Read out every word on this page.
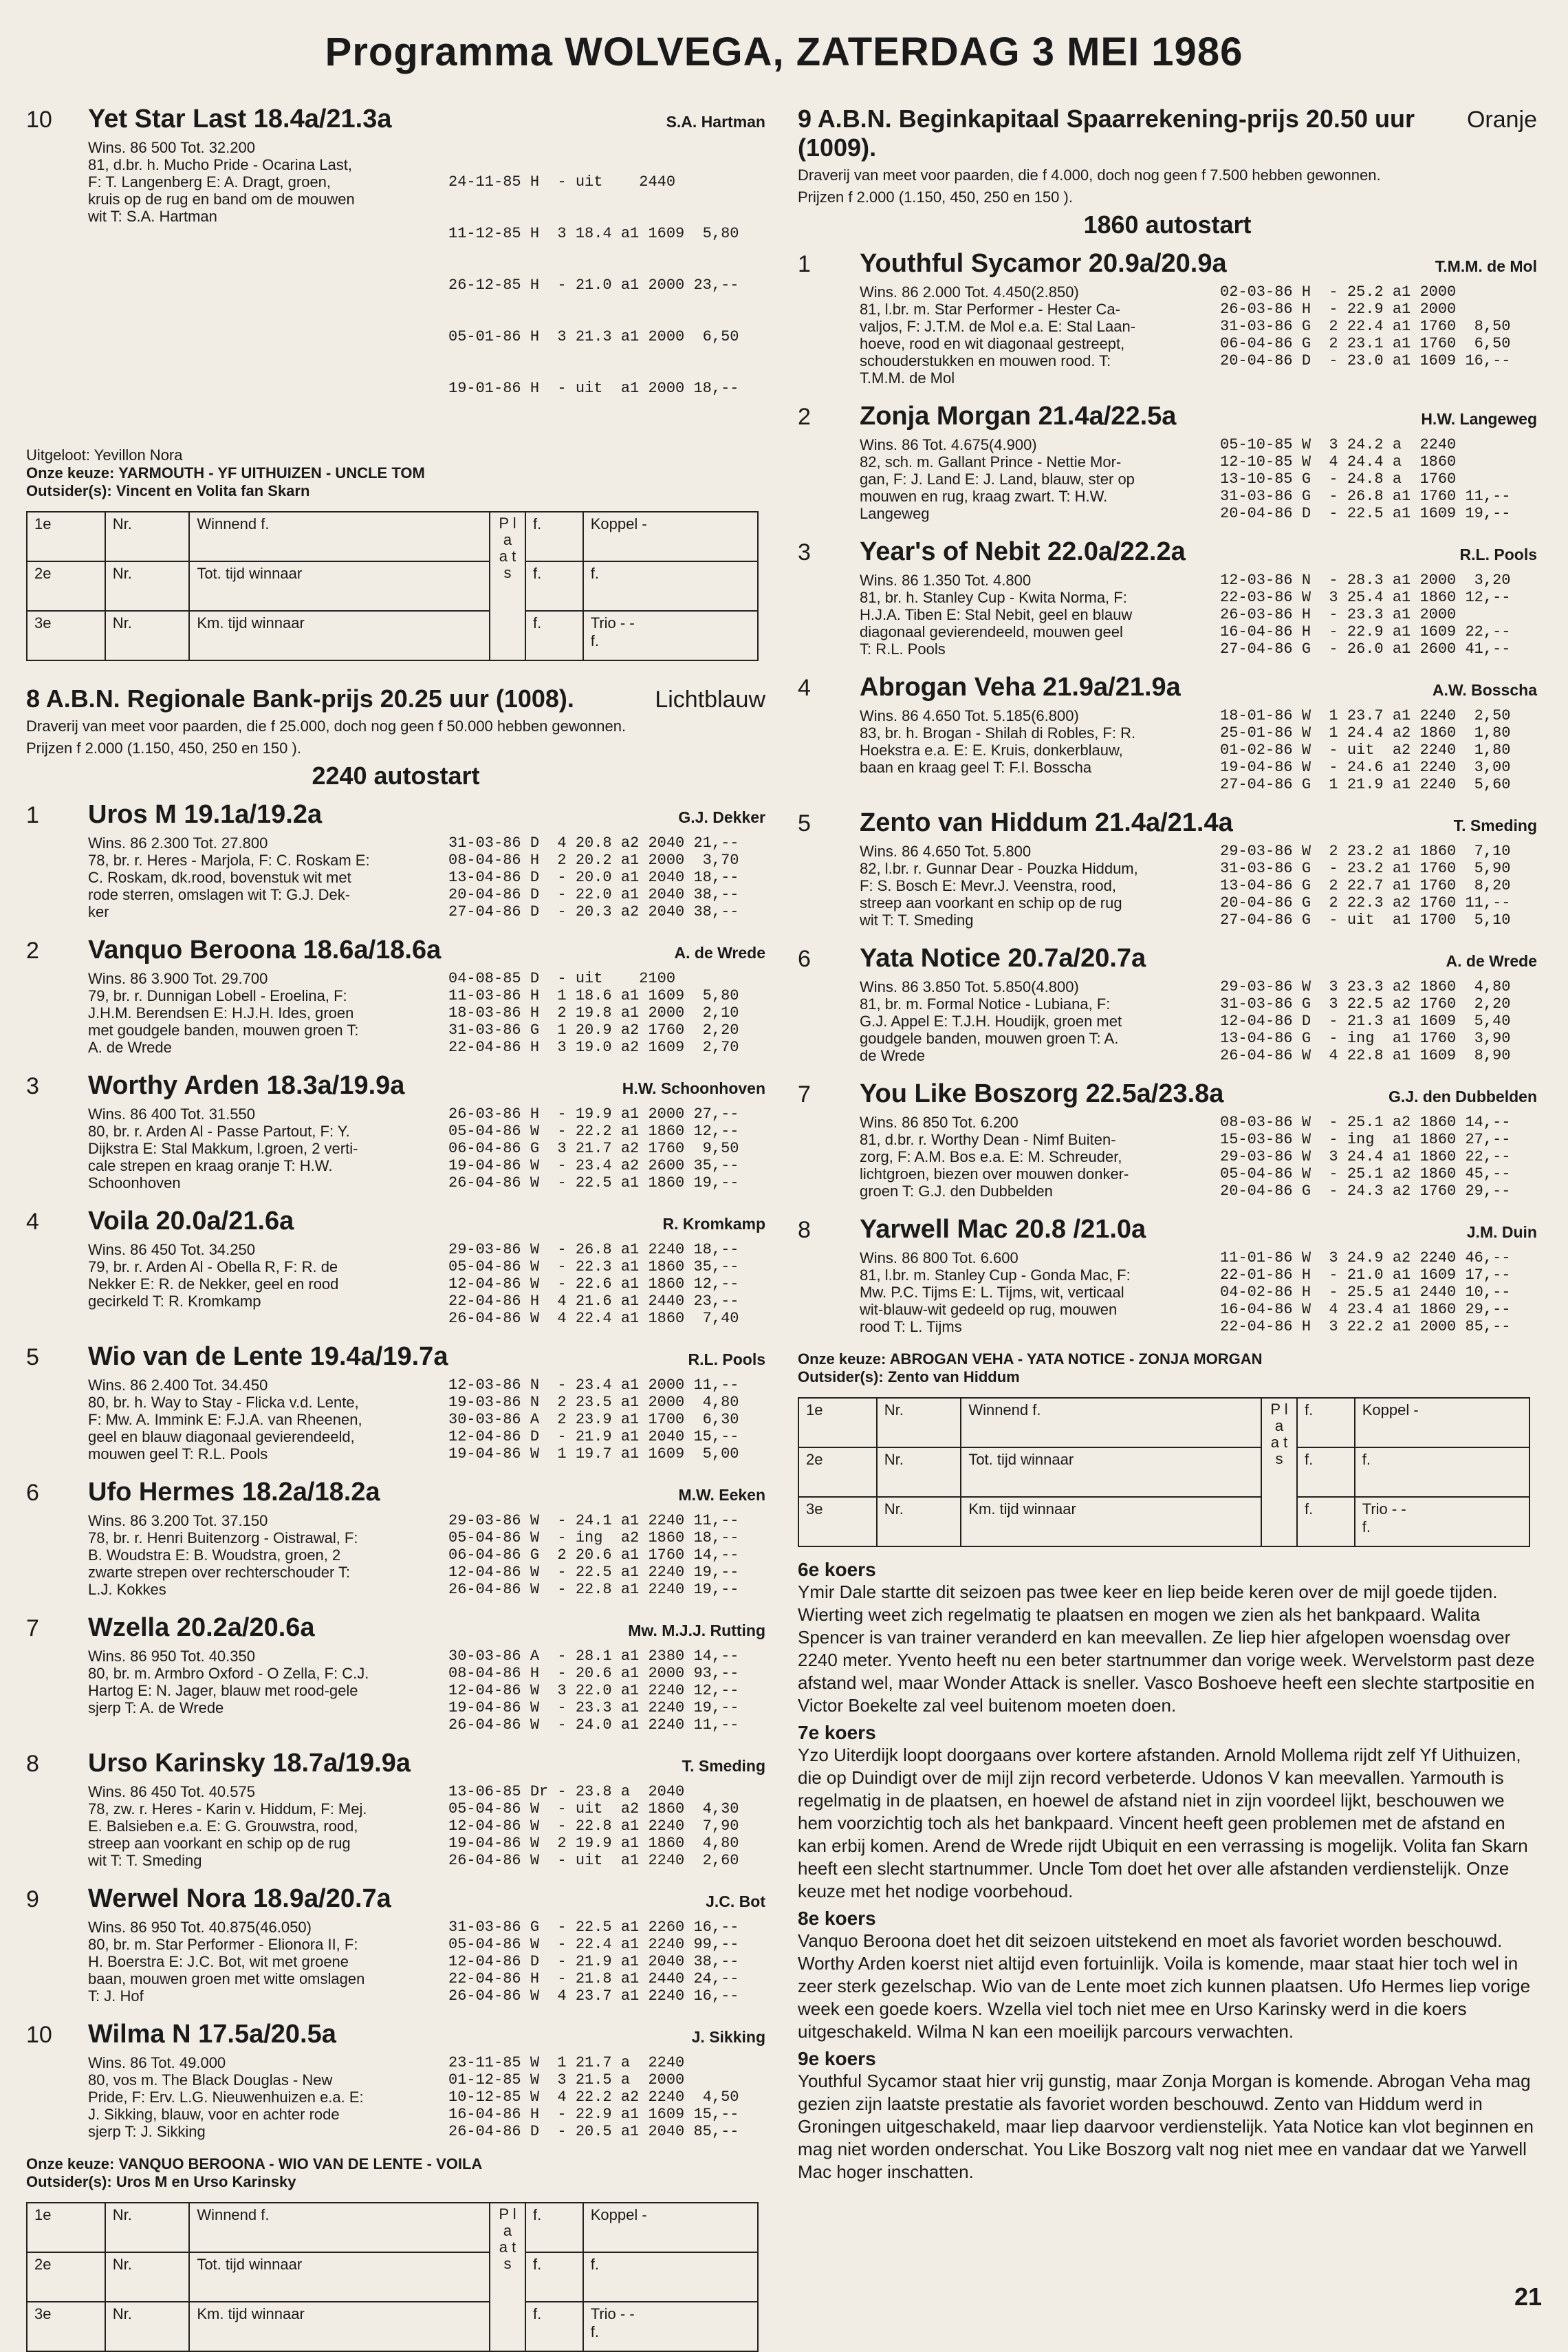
Programma WOLVEGA, ZATERDAG 3 MEI 1986
10	Yet Star Last 18.4a/21.3a	S.A. Hartman
Wins. 86 500 Tot. 32.200
81, d.br. h. Mucho Pride - Ocarina Last,
F: T. Langenberg E: A. Dragt, groen,
kruis op de rug en band om de mouwen
wit T: S.A. Hartman

24-11-85 H  - uit    2440

11-12-85 H  3 18.4 a1 1609  5,80

26-12-85 H  - 21.0 a1 2000 23,--

05-01-86 H  3 21.3 a1 2000  6,50

19-01-86 H  - uit  a1 2000 18,--

Uitgeloot: Yevillon Nora
Onze keuze: YARMOUTH - YF UITHUIZEN - UNCLE TOM
Outsider(s): Vincent en Volita fan Skarn
1e	Nr.	Winnend f.	P l a a t s	f.	Koppel -
2e	Nr.	Tot. tijd winnaar		f.	f.
3e	Nr.	Km. tijd winnaar		f.	Trio - -
f.
8 A.B.N. Regionale Bank-prijs 20.25 uur (1008).	Lichtblauw
Draverij van meet voor paarden, die f 25.000, doch nog geen f 50.000 hebben gewonnen.
Prijzen f 2.000 (1.150, 450, 250 en 150 ).
2240 autostart
1	Uros M 19.1a/19.2a	G.J. Dekker
Wins. 86 2.300 Tot. 27.800
78, br. r. Heres - Marjola, F: C. Roskam E:
C. Roskam, dk.rood, bovenstuk wit met
rode sterren, omslagen wit T: G.J. Dek-
ker
31-03-86 D  4 20.8 a2 2040 21,--
08-04-86 H  2 20.2 a1 2000  3,70
13-04-86 D  - 20.0 a1 2040 18,--
20-04-86 D  - 22.0 a1 2040 38,--
27-04-86 D  - 20.3 a2 2040 38,--
2	Vanquo Beroona 18.6a/18.6a	A. de Wrede
Wins. 86 3.900 Tot. 29.700
79, br. r. Dunnigan Lobell - Eroelina, F:
J.H.M. Berendsen E: H.J.H. Ides, groen
met goudgele banden, mouwen groen T:
A. de Wrede
04-08-85 D  - uit    2100
11-03-86 H  1 18.6 a1 1609  5,80
18-03-86 H  2 19.8 a1 2000  2,10
31-03-86 G  1 20.9 a2 1760  2,20
22-04-86 H  3 19.0 a2 1609  2,70
3	Worthy Arden 18.3a/19.9a	H.W. Schoonhoven
Wins. 86 400 Tot. 31.550
80, br. r. Arden Al - Passe Partout, F: Y.
Dijkstra E: Stal Makkum, l.groen, 2 verti-
cale strepen en kraag oranje T: H.W.
Schoonhoven
26-03-86 H  - 19.9 a1 2000 27,--
05-04-86 W  - 22.2 a1 1860 12,--
06-04-86 G  3 21.7 a2 1760  9,50
19-04-86 W  - 23.4 a2 2600 35,--
26-04-86 W  - 22.5 a1 1860 19,--
4	Voila 20.0a/21.6a	R. Kromkamp
Wins. 86 450 Tot. 34.250
79, br. r. Arden Al - Obella R, F: R. de
Nekker E: R. de Nekker, geel en rood
gecirkeld T: R. Kromkamp
29-03-86 W  - 26.8 a1 2240 18,--
05-04-86 W  - 22.3 a1 1860 35,--
12-04-86 W  - 22.6 a1 1860 12,--
22-04-86 H  4 21.6 a1 2440 23,--
26-04-86 W  4 22.4 a1 1860  7,40
5	Wio van de Lente 19.4a/19.7a	R.L. Pools
Wins. 86 2.400 Tot. 34.450
80, br. h. Way to Stay - Flicka v.d. Lente,
F: Mw. A. Immink E: F.J.A. van Rheenen,
geel en blauw diagonaal gevierendeeld,
mouwen geel T: R.L. Pools
12-03-86 N  - 23.4 a1 2000 11,--
19-03-86 N  2 23.5 a1 2000  4,80
30-03-86 A  2 23.9 a1 1700  6,30
12-04-86 D  - 21.9 a1 2040 15,--
19-04-86 W  1 19.7 a1 1609  5,00
6	Ufo Hermes 18.2a/18.2a	M.W. Eeken
Wins. 86 3.200 Tot. 37.150
78, br. r. Henri Buitenzorg - Oistrawal, F:
B. Woudstra E: B. Woudstra, groen, 2
zwarte strepen over rechterschouder T:
L.J. Kokkes
29-03-86 W  - 24.1 a1 2240 11,--
05-04-86 W  - ing  a2 1860 18,--
06-04-86 G  2 20.6 a1 1760 14,--
12-04-86 W  - 22.5 a1 2240 19,--
26-04-86 W  - 22.8 a1 2240 19,--
7	Wzella 20.2a/20.6a	Mw. M.J.J. Rutting
Wins. 86 950 Tot. 40.350
80, br. m. Armbro Oxford - O Zella, F: C.J.
Hartog E: N. Jager, blauw met rood-gele
sjerp T: A. de Wrede
30-03-86 A  - 28.1 a1 2380 14,--
08-04-86 H  - 20.6 a1 2000 93,--
12-04-86 W  3 22.0 a1 2240 12,--
19-04-86 W  - 23.3 a1 2240 19,--
26-04-86 W  - 24.0 a1 2240 11,--
8	Urso Karinsky 18.7a/19.9a	T. Smeding
Wins. 86 450 Tot. 40.575
78, zw. r. Heres - Karin v. Hiddum, F: Mej.
E. Balsieben e.a. E: G. Grouwstra, rood,
streep aan voorkant en schip op de rug
wit T: T. Smeding
13-06-85 Dr - 23.8 a  2040
05-04-86 W  - uit  a2 1860  4,30
12-04-86 W  - 22.8 a1 2240  7,90
19-04-86 W  2 19.9 a1 1860  4,80
26-04-86 W  - uit  a1 2240  2,60
9	Werwel Nora 18.9a/20.7a	J.C. Bot
Wins. 86 950 Tot. 40.875(46.050)
80, br. m. Star Performer - Elionora II, F:
H. Boerstra E: J.C. Bot, wit met groene
baan, mouwen groen met witte omslagen
T: J. Hof
31-03-86 G  - 22.5 a1 2260 16,--
05-04-86 W  - 22.4 a1 2240 99,--
12-04-86 D  - 21.9 a1 2040 38,--
22-04-86 H  - 21.8 a1 2440 24,--
26-04-86 W  4 23.7 a1 2240 16,--
10	Wilma N 17.5a/20.5a	J. Sikking
Wins. 86 Tot. 49.000
80, vos m. The Black Douglas - New
Pride, F: Erv. L.G. Nieuwenhuizen e.a. E:
J. Sikking, blauw, voor en achter rode
sjerp T: J. Sikking
23-11-85 W  1 21.7 a  2240
01-12-85 W  3 21.5 a  2000
10-12-85 W  4 22.2 a2 2240  4,50
16-04-86 H  - 22.9 a1 1609 15,--
26-04-86 D  - 20.5 a1 2040 85,--
Onze keuze: VANQUO BEROONA - WIO VAN DE LENTE - VOILA
Outsider(s): Uros M en Urso Karinsky
1e	Nr.	Winnend f.	P l a a t s	f.	Koppel -
2e	Nr.	Tot. tijd winnaar		f.	f.
3e	Nr.	Km. tijd winnaar		f.	Trio - -
f.
9 A.B.N. Beginkapitaal Spaarrekening-prijs 20.50 uur (1009).
Oranje
Draverij van meet voor paarden, die f 4.000, doch nog geen f 7.500 hebben gewonnen.
Prijzen f 2.000 (1.150, 450, 250 en 150 ).
1860 autostart
1	Youthful Sycamor 20.9a/20.9a	T.M.M. de Mol
Wins. 86 2.000 Tot. 4.450(2.850)
81, l.br. m. Star Performer - Hester Ca-
valjos, F: J.T.M. de Mol e.a. E: Stal Laan-
hoeve, rood en wit diagonaal gestreept,
schouderstukken en mouwen rood. T:
T.M.M. de Mol
02-03-86 H  - 25.2 a1 2000
26-03-86 H  - 22.9 a1 2000
31-03-86 G  2 22.4 a1 1760  8,50
06-04-86 G  2 23.1 a1 1760  6,50
20-04-86 D  - 23.0 a1 1609 16,--
2	Zonja Morgan 21.4a/22.5a	H.W. Langeweg
Wins. 86 Tot. 4.675(4.900)
82, sch. m. Gallant Prince - Nettie Mor-
gan, F: J. Land E: J. Land, blauw, ster op
mouwen en rug, kraag zwart. T: H.W.
Langeweg
05-10-85 W  3 24.2 a  2240
12-10-85 W  4 24.4 a  1860
13-10-85 G  - 24.8 a  1760
31-03-86 G  - 26.8 a1 1760 11,--
20-04-86 D  - 22.5 a1 1609 19,--
3	Year's of Nebit 22.0a/22.2a	R.L. Pools
Wins. 86 1.350 Tot. 4.800
81, br. h. Stanley Cup - Kwita Norma, F:
H.J.A. Tiben E: Stal Nebit, geel en blauw
diagonaal gevierendeeld, mouwen geel
T: R.L. Pools
12-03-86 N  - 28.3 a1 2000  3,20
22-03-86 W  3 25.4 a1 1860 12,--
26-03-86 H  - 23.3 a1 2000
16-04-86 H  - 22.9 a1 1609 22,--
27-04-86 G  - 26.0 a1 2600 41,--
4	Abrogan Veha 21.9a/21.9a	A.W. Bosscha
Wins. 86 4.650 Tot. 5.185(6.800)
83, br. h. Brogan - Shilah di Robles, F: R.
Hoekstra e.a. E: E. Kruis, donkerblauw,
baan en kraag geel T: F.I. Bosscha
18-01-86 W  1 23.7 a1 2240  2,50
25-01-86 W  1 24.4 a2 1860  1,80
01-02-86 W  - uit  a2 2240  1,80
19-04-86 W  - 24.6 a1 2240  3,00
27-04-86 G  1 21.9 a1 2240  5,60
5	Zento van Hiddum 21.4a/21.4a	T. Smeding
Wins. 86 4.650 Tot. 5.800
82, l.br. r. Gunnar Dear - Pouzka Hiddum,
F: S. Bosch E: Mevr.J. Veenstra, rood,
streep aan voorkant en schip op de rug
wit T: T. Smeding
29-03-86 W  2 23.2 a1 1860  7,10
31-03-86 G  - 23.2 a1 1760  5,90
13-04-86 G  2 22.7 a1 1760  8,20
20-04-86 G  2 22.3 a2 1760 11,--
27-04-86 G  - uit  a1 1700  5,10
6	Yata Notice 20.7a/20.7a	A. de Wrede
Wins. 86 3.850 Tot. 5.850(4.800)
81, br. m. Formal Notice - Lubiana, F:
G.J. Appel E: T.J.H. Houdijk, groen met
goudgele banden, mouwen groen T: A.
de Wrede
29-03-86 W  3 23.3 a2 1860  4,80
31-03-86 G  3 22.5 a2 1760  2,20
12-04-86 D  - 21.3 a1 1609  5,40
13-04-86 G  - ing  a1 1760  3,90
26-04-86 W  4 22.8 a1 1609  8,90
7	You Like Boszorg 22.5a/23.8a	G.J. den Dubbelden
Wins. 86 850 Tot. 6.200
81, d.br. r. Worthy Dean - Nimf Buiten-
zorg, F: A.M. Bos e.a. E: M. Schreuder,
lichtgroen, biezen over mouwen donker-
groen T: G.J. den Dubbelden
08-03-86 W  - 25.1 a2 1860 14,--
15-03-86 W  - ing  a1 1860 27,--
29-03-86 W  3 24.4 a1 1860 22,--
05-04-86 W  - 25.1 a2 1860 45,--
20-04-86 G  - 24.3 a2 1760 29,--
8	Yarwell Mac 20.8 /21.0a	J.M. Duin
Wins. 86 800 Tot. 6.600
81, l.br. m. Stanley Cup - Gonda Mac, F:
Mw. P.C. Tijms E: L. Tijms, wit, verticaal
wit-blauw-wit gedeeld op rug, mouwen
rood T: L. Tijms
11-01-86 W  3 24.9 a2 2240 46,--
22-01-86 H  - 21.0 a1 1609 17,--
04-02-86 H  - 25.5 a1 2440 10,--
16-04-86 W  4 23.4 a1 1860 29,--
22-04-86 H  3 22.2 a1 2000 85,--
Onze keuze: ABROGAN VEHA - YATA NOTICE - ZONJA MORGAN
Outsider(s): Zento van Hiddum
1e	Nr.	Winnend f.	P l a a t s	f.	Koppel -
2e	Nr.	Tot. tijd winnaar		f.	f.
3e	Nr.	Km. tijd winnaar		f.	Trio - -
f.
6e koers
Ymir Dale startte dit seizoen pas twee keer en liep beide keren over de mijl goede tijden. Wierting weet zich regelmatig te plaatsen en mogen we zien als het bankpaard. Walita Spencer is van trainer veranderd en kan meevallen. Ze liep hier afgelopen woensdag over 2240 meter. Yvento heeft nu een beter startnummer dan vorige week. Wervelstorm past deze afstand wel, maar Wonder Attack is sneller. Vasco Boshoeve heeft een slechte startpositie en Victor Boekelte zal veel buitenom moeten doen.
7e koers
Yzo Uiterdijk loopt doorgaans over kortere afstanden. Arnold Mollema rijdt zelf Yf Uithuizen, die op Duindigt over de mijl zijn record verbeterde. Udonos V kan meevallen. Yarmouth is regelmatig in de plaatsen, en hoewel de afstand niet in zijn voordeel lijkt, beschouwen we hem voorzichtig toch als het bankpaard. Vincent heeft geen problemen met de afstand en kan erbij komen. Arend de Wrede rijdt Ubiquit en een verrassing is mogelijk. Volita fan Skarn heeft een slecht startnummer. Uncle Tom doet het over alle afstanden verdienstelijk. Onze keuze met het nodige voorbehoud.
8e koers
Vanquo Beroona doet het dit seizoen uitstekend en moet als favoriet worden beschouwd. Worthy Arden koerst niet altijd even fortuinlijk. Voila is komende, maar staat hier toch wel in zeer sterk gezelschap. Wio van de Lente moet zich kunnen plaatsen. Ufo Hermes liep vorige week een goede koers. Wzella viel toch niet mee en Urso Karinsky werd in die koers uitgeschakeld. Wilma N kan een moeilijk parcours verwachten.
9e koers
Youthful Sycamor staat hier vrij gunstig, maar Zonja Morgan is komende. Abrogan Veha mag gezien zijn laatste prestatie als favoriet worden beschouwd. Zento van Hiddum werd in Groningen uitgeschakeld, maar liep daarvoor verdienstelijk. Yata Notice kan vlot beginnen en mag niet worden onderschat. You Like Boszorg valt nog niet mee en vandaar dat we Yarwell Mac hoger inschatten.
21
